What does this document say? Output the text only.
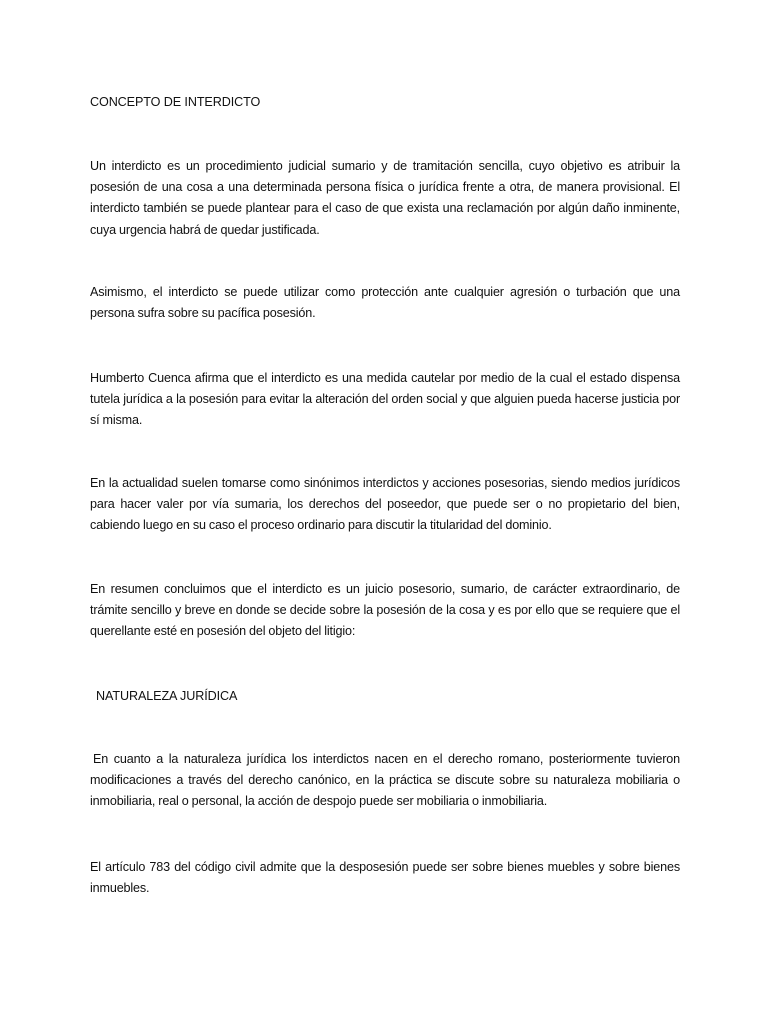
CONCEPTO DE INTERDICTO

Un interdicto es un procedimiento judicial sumario y de tramitación sencilla, cuyo objetivo es atribuir la posesión de una cosa a una determinada persona física o jurídica frente a otra, de manera provisional. El interdicto también se puede plantear para el caso de que exista una reclamación por algún daño inminente, cuya urgencia habrá de quedar justificada.

Asimismo, el interdicto se puede utilizar como protección ante cualquier agresión o turbación que una persona sufra sobre su pacífica posesión.

Humberto Cuenca afirma que el interdicto es una medida cautelar por medio de la cual el estado dispensa tutela jurídica a la posesión para evitar la alteración del orden social y que alguien pueda hacerse justicia por sí misma.

En la actualidad suelen tomarse como sinónimos interdictos y acciones posesorias, siendo medios jurídicos para hacer valer por vía sumaria, los derechos del poseedor, que puede ser o no propietario del bien, cabiendo luego en su caso el proceso ordinario para discutir la titularidad del dominio.

En resumen concluimos que el interdicto es un juicio posesorio, sumario, de carácter extraordinario, de trámite sencillo y breve en donde se decide sobre la posesión de la cosa y es por ello que se requiere que el querellante esté en posesión del objeto del litigio:

NATURALEZA JURÍDICA

En cuanto a la naturaleza jurídica los interdictos nacen en el derecho romano, posteriormente tuvieron modificaciones a través del derecho canónico, en la práctica se discute sobre su naturaleza mobiliaria o inmobiliaria, real o personal, la acción de despojo puede ser mobiliaria o inmobiliaria.

El artículo 783 del código civil admite que la desposesión puede ser sobre bienes muebles y sobre bienes inmuebles.
